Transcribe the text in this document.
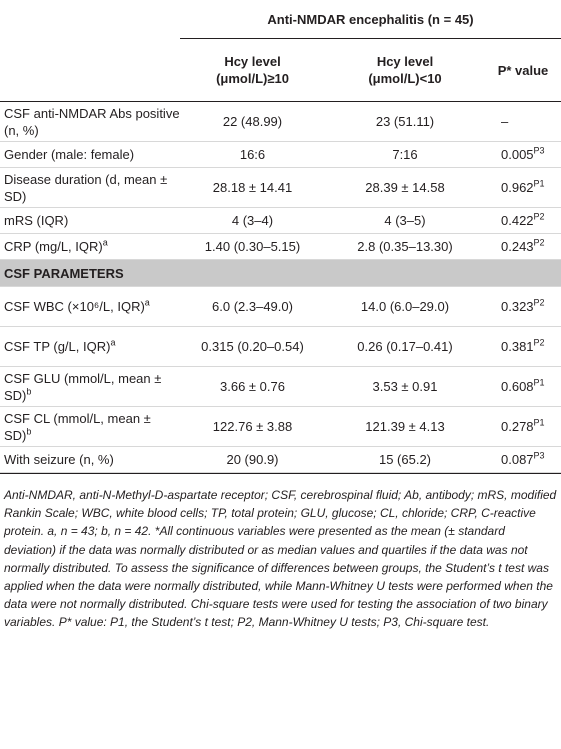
	Anti-NMDAR encephalitis (n = 45)		
	Hcy level (μmol/L)≥10	Hcy level (μmol/L)<10	P* value
CSF anti-NMDAR Abs positive (n, %)	22 (48.99)	23 (51.11)	–
Gender (male: female)	16:6	7:16	$0.005^{P3}$
Disease duration (d, mean ± SD)	28.18 ± 14.41	28.39 ± 14.58	$0.962^{P1}$
mRS (IQR)	4 (3–4)	4 (3–5)	$0.422^{P2}$
CRP (mg/L, IQR)$^a$	1.40 (0.30–5.15)	2.8 (0.35–13.30)	$0.243^{P2}$
CSF PARAMETERS			
CSF WBC (×10⁶/L, IQR)$^a$	6.0 (2.3–49.0)	14.0 (6.0–29.0)	$0.323^{P2}$
CSF TP (g/L, IQR)$^a$	0.315 (0.20–0.54)	0.26 (0.17–0.41)	$0.381^{P2}$
CSF GLU (mmol/L, mean ± SD)$^b$	3.66 ± 0.76	3.53 ± 0.91	$0.608^{P1}$
CSF CL (mmol/L, mean ± SD)$^b$	122.76 ± 3.88	121.39 ± 4.13	$0.278^{P1}$
With seizure (n, %)	20 (90.9)	15 (65.2)	$0.087^{P3}$
Anti-NMDAR, anti-N-Methyl-D-aspartate receptor; CSF, cerebrospinal fluid; Ab, antibody; mRS, modified Rankin Scale; WBC, white blood cells; TP, total protein; GLU, glucose; CL, chloride; CRP, C-reactive protein. a, n = 43; b, n = 42. *All continuous variables were presented as the mean (± standard deviation) if the data was normally distributed or as median values and quartiles if the data was not normally distributed. To assess the significance of differences between groups, the Student’s t test was applied when the data were normally distributed, while Mann-Whitney U tests were performed when the data were not normally distributed. Chi-square tests were used for testing the association of two binary variables. P* value: P1, the Student’s t test; P2, Mann-Whitney U tests; P3, Chi-square test.
